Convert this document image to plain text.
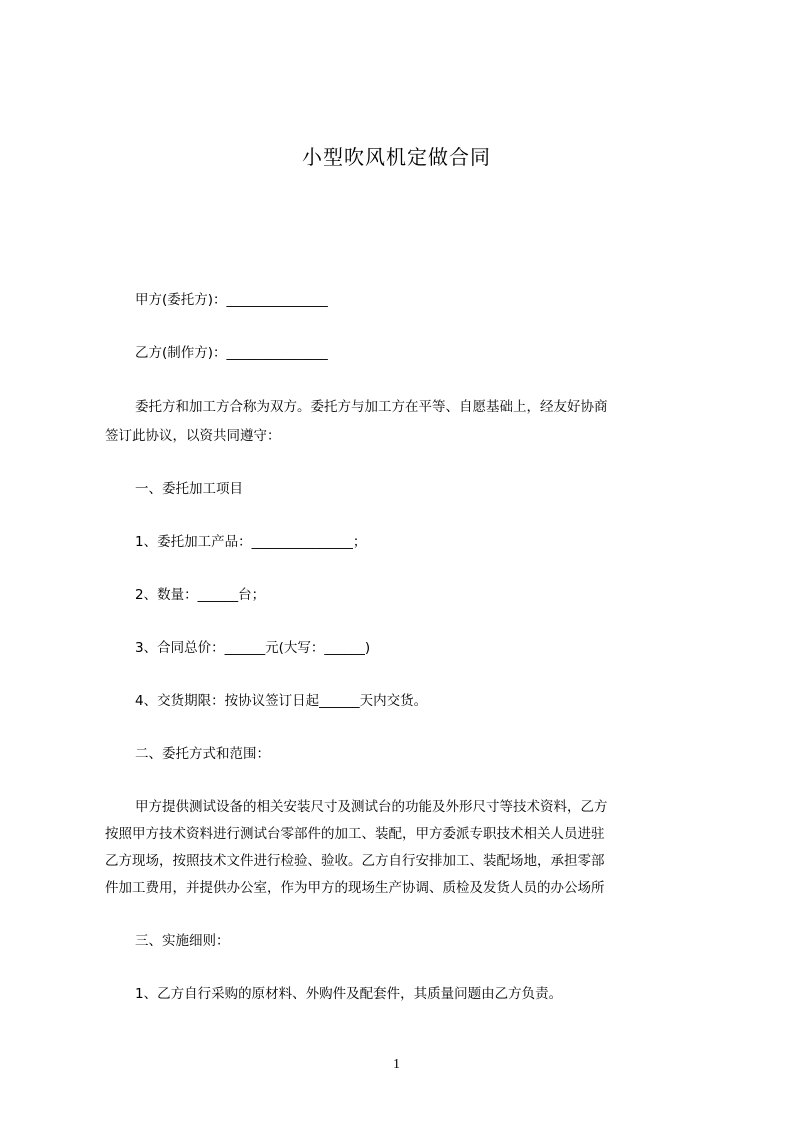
小型吹风机定做合同
甲方(委托方)：_______________
乙方(制作方)：_______________
委托方和加工方合称为双方。委托方与加工方在平等、自愿基础上，经友好协商
签订此协议，以资共同遵守：
一、委托加工项目
1、委托加工产品：_______________；
2、数量：______台；
3、合同总价：______元(大写：______)
4、交货期限：按协议签订日起______天内交货。
二、委托方式和范围：
甲方提供测试设备的相关安装尺寸及测试台的功能及外形尺寸等技术资料，乙方
按照甲方技术资料进行测试台零部件的加工、装配，甲方委派专职技术相关人员进驻
乙方现场，按照技术文件进行检验、验收。乙方自行安排加工、装配场地，承担零部
件加工费用，并提供办公室，作为甲方的现场生产协调、质检及发货人员的办公场所
三、实施细则：
1、乙方自行采购的原材料、外购件及配套件，其质量问题由乙方负责。
1
